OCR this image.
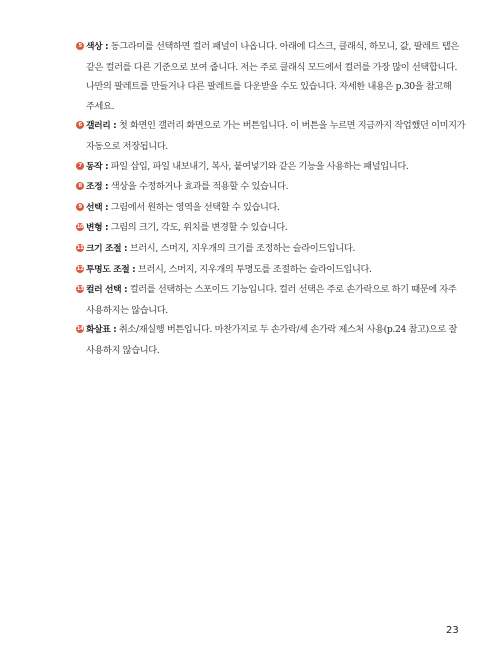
5 색상 : 동그라미를 선택하면 컬러 패널이 나옵니다. 아래에 디스크, 클래식, 하모니, 값, 팔레트 탭은 같은 컬러를 다른 기준으로 보여 줍니다. 저는 주로 클래식 모드에서 컬러를 가장 많이 선택합니다. 나만의 팔레트를 만들거나 다른 팔레트를 다운받을 수도 있습니다. 자세한 내용은 p.30을 참고해 주세요.

6 갤러리 : 첫 화면인 갤러리 화면으로 가는 버튼입니다. 이 버튼을 누르면 지금까지 작업했던 이미지가 자동으로 저장됩니다.

7 동작 : 파일 삽입, 파일 내보내기, 복사, 붙여넣기와 같은 기능을 사용하는 패널입니다.

8 조정 : 색상을 수정하거나 효과를 적용할 수 있습니다.

9 선택 : 그림에서 원하는 영역을 선택할 수 있습니다.

10 변형 : 그림의 크기, 각도, 위치를 변경할 수 있습니다.

11 크기 조절 : 브러시, 스머지, 지우개의 크기를 조정하는 슬라이드입니다.

12 투명도 조절 : 브러시, 스머지, 지우개의 투명도를 조절하는 슬라이드입니다.

13 컬러 선택 : 컬러를 선택하는 스포이드 기능입니다. 컬러 선택은 주로 손가락으로 하기 때문에 자주 사용하지는 않습니다.

14 화살표 : 취소/재실행 버튼입니다. 마찬가지로 두 손가락/세 손가락 제스처 사용(p.24 참고)으로 잘 사용하지 않습니다.

23
